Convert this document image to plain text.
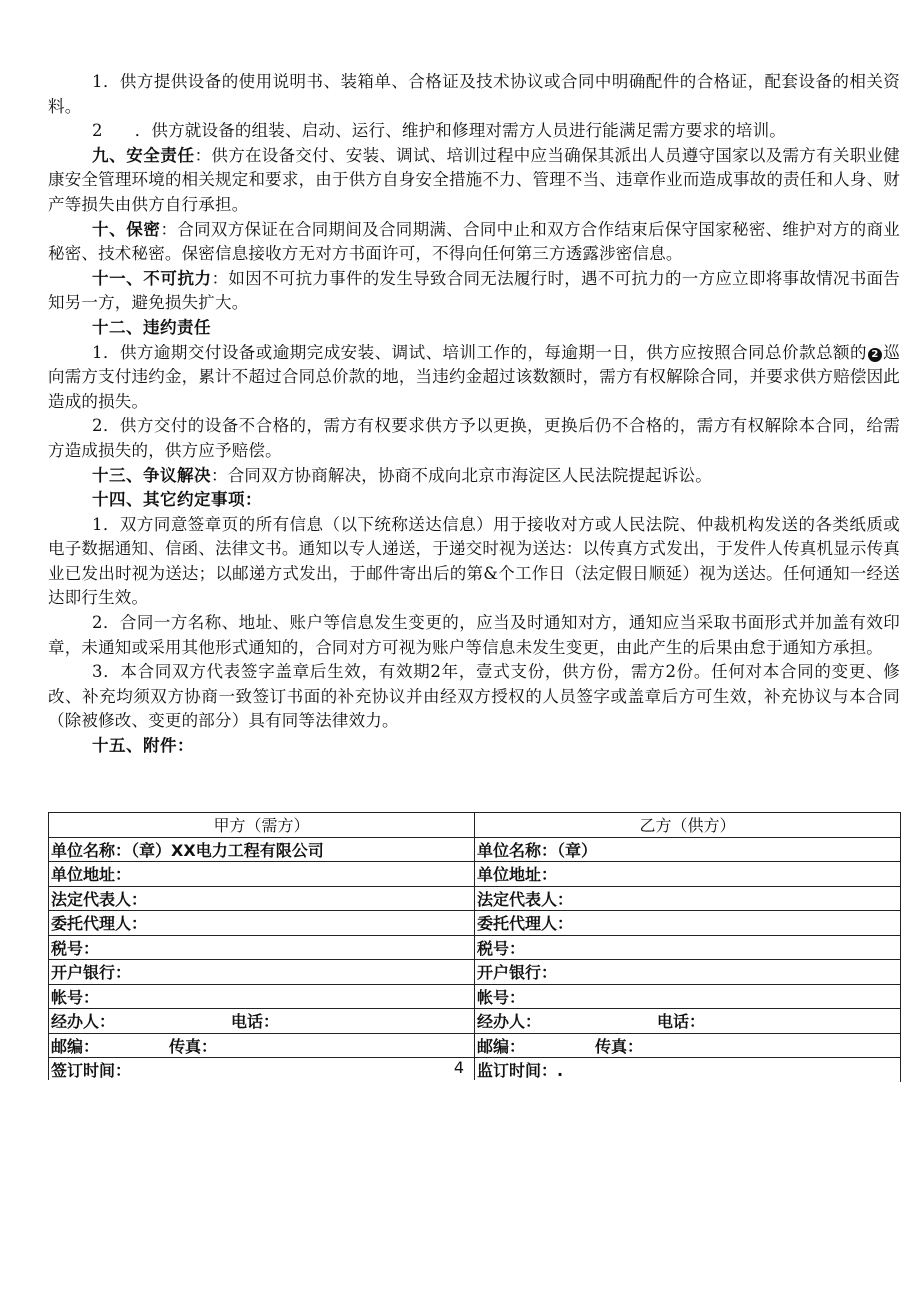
1．供方提供设备的使用说明书、装箱单、合格证及技术协议或合同中明确配件的合格证，配套设备的相关资料。

2 ．供方就设备的组装、启动、运行、维护和修理对需方人员进行能满足需方要求的培训。

九、安全责任：供方在设备交付、安装、调试、培训过程中应当确保其派出人员遵守国家以及需方有关职业健康安全管理环境的相关规定和要求，由于供方自身安全措施不力、管理不当、违章作业而造成事故的责任和人身、财产等损失由供方自行承担。

十、保密：合同双方保证在合同期间及合同期满、合同中止和双方合作结束后保守国家秘密、维护对方的商业秘密、技术秘密。保密信息接收方无对方书面许可，不得向任何第三方透露涉密信息。

十一、不可抗力：如因不可抗力事件的发生导致合同无法履行时，遇不可抗力的一方应立即将事故情况书面告知另一方，避免损失扩大。

十二、违约责任

1．供方逾期交付设备或逾期完成安装、调试、培训工作的，每逾期一日，供方应按照合同总价款总额的 2 巡向需方支付违约金，累计不超过合同总价款的地，当违约金超过该数额时，需方有权解除合同，并要求供方赔偿因此造成的损失。

2．供方交付的设备不合格的，需方有权要求供方予以更换，更换后仍不合格的，需方有权解除本合同，给需方造成损失的，供方应予赔偿。

十三、争议解决：合同双方协商解决，协商不成向北京市海淀区人民法院提起诉讼。

十四、其它约定事项：

1．双方同意签章页的所有信息（以下统称送达信息）用于接收对方或人民法院、仲裁机构发送的各类纸质或电子数据通知、信函、法律文书。通知以专人递送，于递交时视为送达：以传真方式发出，于发件人传真机显示传真业已发出时视为送达；以邮递方式发出，于邮件寄出后的第&个工作日（法定假日顺延）视为送达。任何通知一经送达即行生效。

2．合同一方名称、地址、账户等信息发生变更的，应当及时通知对方，通知应当采取书面形式并加盖有效印章，未通知或采用其他形式通知的，合同对方可视为账户等信息未发生变更，由此产生的后果由怠于通知方承担。

3．本合同双方代表签字盖章后生效，有效期2年，壹式支份，供方份，需方2份。任何对本合同的变更、修改、补充均须双方协商一致签订书面的补充协议并由经双方授权的人员签字或盖章后方可生效，补充协议与本合同（除被修改、变更的部分）具有同等法律效力。

十五、附件：

甲方（需方）	乙方（供方）
单位名称：（章）XX电力工程有限公司	单位名称：（章）
单位地址：	单位地址：
法定代表人：	法定代表人：
委托代理人：	委托代理人：
税号：	税号：
开户银行：	开户银行：
帐号：	帐号：
经办人： 电话：	经办人： 电话：
邮编： 传真：	邮编： 传真：
签订时间： 4	监订时间：.
